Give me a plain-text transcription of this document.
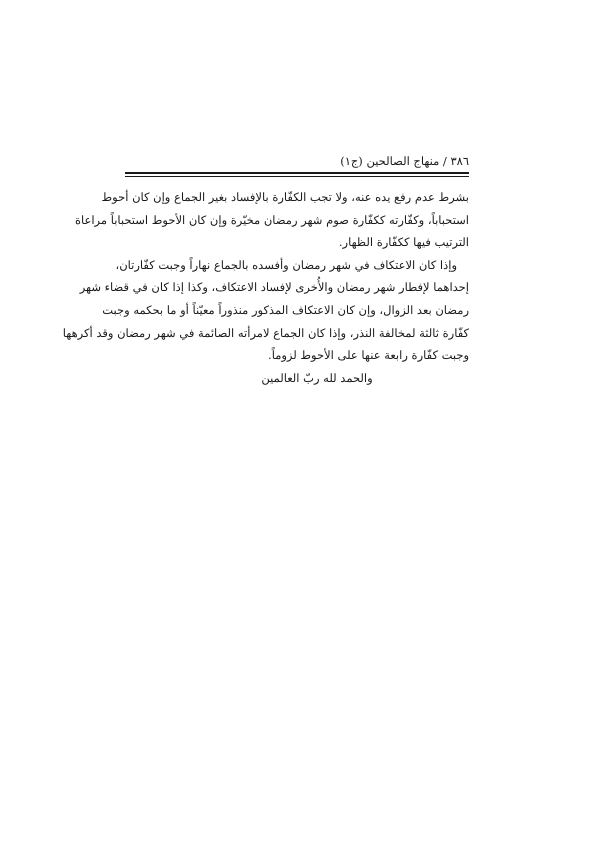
٣٨٦ / منهاج الصالحين (ج١)
بشرط عدم رفع يده عنه، ولا تجب الكفّارة بالإفساد بغير الجماع وإن كان أحوط
استحباباً، وكفّارته ككفّارة صوم شهر رمضان مخيّرة وإن كان الأحوط استحباباً مراعاة
الترتيب فيها ككفّارة الظهار.
وإذا كان الاعتكاف في شهر رمضان وأفسده بالجماع نهاراً وجبت كفّارتان،
إحداهما لإفطار شهر رمضان والأُخرى لإفساد الاعتكاف، وكذا إذا كان في قضاء شهر
رمضان بعد الزوال، وإن كان الاعتكاف المذكور منذوراً معيّناً أو ما بحكمه وجبت
كفّارة ثالثة لمخالفة النذر، وإذا كان الجماع لامرأته الصائمة في شهر رمضان وقد أكرهها
وجبت كفّارة رابعة عنها على الأحوط لزوماً.
والحمد لله ربّ العالمين
